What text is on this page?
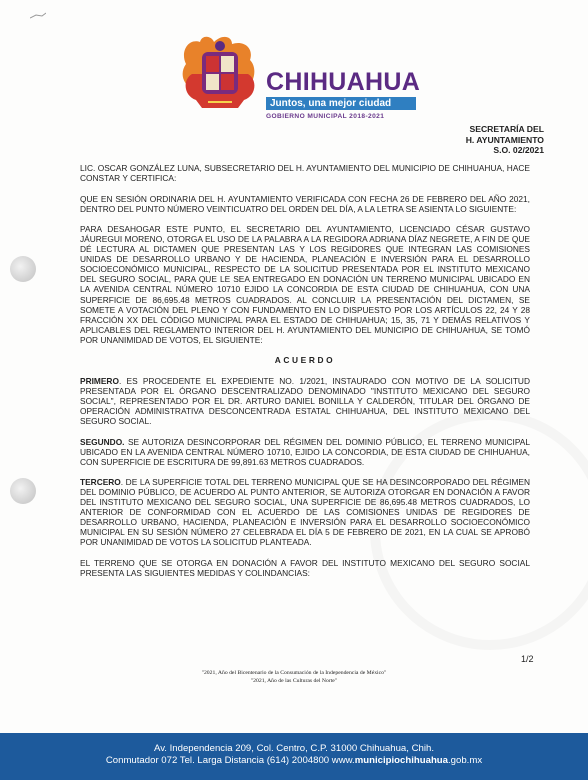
CHIHUAHUA
Juntos, una mejor ciudad
GOBIERNO MUNICIPAL 2018-2021
SECRETARÍA DEL
H. AYUNTAMIENTO
S.O. 02/2021

LIC. OSCAR GONZÁLEZ LUNA, SUBSECRETARIO DEL H. AYUNTAMIENTO DEL MUNICIPIO DE CHIHUAHUA, HACE CONSTAR Y CERTIFICA:

QUE EN SESIÓN ORDINARIA DEL H. AYUNTAMIENTO VERIFICADA CON FECHA 26 DE FEBRERO DEL AÑO 2021, DENTRO DEL PUNTO NÚMERO VEINTICUATRO DEL ORDEN DEL DÍA, A LA LETRA SE ASIENTA LO SIGUIENTE:

PARA DESAHOGAR ESTE PUNTO, EL SECRETARIO DEL AYUNTAMIENTO, LICENCIADO CÉSAR GUSTAVO JÁUREGUI MORENO, OTORGA EL USO DE LA PALABRA A LA REGIDORA ADRIANA DÍAZ NEGRETE, A FIN DE QUE DÉ LECTURA AL DICTAMEN QUE PRESENTAN LAS Y LOS REGIDORES QUE INTEGRAN LAS COMISIONES UNIDAS DE DESARROLLO URBANO Y DE HACIENDA, PLANEACIÓN E INVERSIÓN PARA EL DESARROLLO SOCIOECONÓMICO MUNICIPAL, RESPECTO DE LA SOLICITUD PRESENTADA POR EL INSTITUTO MEXICANO DEL SEGURO SOCIAL, PARA QUE LE SEA ENTREGADO EN DONACIÓN UN TERRENO MUNICIPAL UBICADO EN LA AVENIDA CENTRAL NÚMERO 10710 EJIDO LA CONCORDIA DE ESTA CIUDAD DE CHIHUAHUA, CON UNA SUPERFICIE DE 86,695.48 METROS CUADRADOS. AL CONCLUIR LA PRESENTACIÓN DEL DICTAMEN, SE SOMETE A VOTACIÓN DEL PLENO Y CON FUNDAMENTO EN LO DISPUESTO POR LOS ARTÍCULOS 22, 24 Y 28 FRACCIÓN XX DEL CÓDIGO MUNICIPAL PARA EL ESTADO DE CHIHUAHUA; 15, 35, 71 Y DEMÁS RELATIVOS Y APLICABLES DEL REGLAMENTO INTERIOR DEL H. AYUNTAMIENTO DEL MUNICIPIO DE CHIHUAHUA, SE TOMÓ POR UNANIMIDAD DE VOTOS, EL SIGUIENTE:

ACUERDO

PRIMERO. ES PROCEDENTE EL EXPEDIENTE NO. 1/2021, INSTAURADO CON MOTIVO DE LA SOLICITUD PRESENTADA POR EL ÓRGANO DESCENTRALIZADO DENOMINADO "INSTITUTO MEXICANO DEL SEGURO SOCIAL", REPRESENTADO POR EL DR. ARTURO DANIEL BONILLA Y CALDERÓN, TITULAR DEL ÓRGANO DE OPERACIÓN ADMINISTRATIVA DESCONCENTRADA ESTATAL CHIHUAHUA, DEL INSTITUTO MEXICANO DEL SEGURO SOCIAL.

SEGUNDO. SE AUTORIZA DESINCORPORAR DEL RÉGIMEN DEL DOMINIO PÚBLICO, EL TERRENO MUNICIPAL UBICADO EN LA AVENIDA CENTRAL NÚMERO 10710, EJIDO LA CONCORDIA, DE ESTA CIUDAD DE CHIHUAHUA, CON SUPERFICIE DE ESCRITURA DE 99,891.63 METROS CUADRADOS.

TERCERO. DE LA SUPERFICIE TOTAL DEL TERRENO MUNICIPAL QUE SE HA DESINCORPORADO DEL RÉGIMEN DEL DOMINIO PÚBLICO, DE ACUERDO AL PUNTO ANTERIOR, SE AUTORIZA OTORGAR EN DONACIÓN A FAVOR DEL INSTITUTO MEXICANO DEL SEGURO SOCIAL, UNA SUPERFICIE DE 86,695.48 METROS CUADRADOS, LO ANTERIOR DE CONFORMIDAD CON EL ACUERDO DE LAS COMISIONES UNIDAS DE REGIDORES DE DESARROLLO URBANO, HACIENDA, PLANEACIÓN E INVERSIÓN PARA EL DESARROLLO SOCIOECONÓMICO MUNICIPAL EN SU SESIÓN NÚMERO 27 CELEBRADA EL DÍA 5 DE FEBRERO DE 2021, EN LA CUAL SE APROBÓ POR UNANIMIDAD DE VOTOS LA SOLICITUD PLANTEADA.

EL TERRENO QUE SE OTORGA EN DONACIÓN A FAVOR DEL INSTITUTO MEXICANO DEL SEGURO SOCIAL PRESENTA LAS SIGUIENTES MEDIDAS Y COLINDANCIAS:

1/2
"2021, Año del Bicentenario de la Consumación de la Independencia de México"
"2021, Año de las Culturas del Norte"
Av. Independencia 209, Col. Centro, C.P. 31000 Chihuahua, Chih.
Conmutador 072 Tel. Larga Distancia (614) 2004800 www.municipiochihuahua.gob.mx
